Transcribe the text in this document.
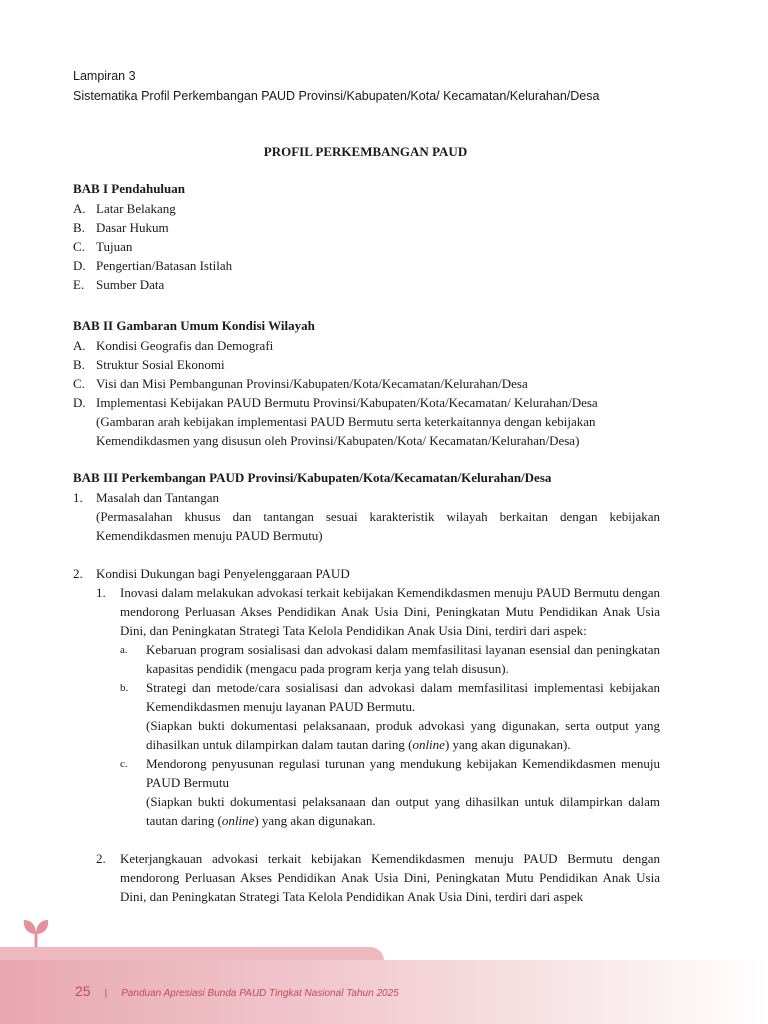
Lampiran 3
Sistematika Profil Perkembangan PAUD Provinsi/Kabupaten/Kota/ Kecamatan/Kelurahan/Desa
PROFIL PERKEMBANGAN PAUD
BAB I Pendahuluan
A. Latar Belakang
B. Dasar Hukum
C. Tujuan
D. Pengertian/Batasan Istilah
E. Sumber Data
BAB II Gambaran Umum Kondisi Wilayah
A. Kondisi Geografis dan Demografi
B. Struktur Sosial Ekonomi
C. Visi dan Misi Pembangunan Provinsi/Kabupaten/Kota/Kecamatan/Kelurahan/Desa
D. Implementasi Kebijakan PAUD Bermutu Provinsi/Kabupaten/Kota/Kecamatan/ Kelurahan/Desa
(Gambaran arah kebijakan implementasi PAUD Bermutu serta keterkaitannya dengan kebijakan Kemendikdasmen yang disusun oleh Provinsi/Kabupaten/Kota/ Kecamatan/Kelurahan/Desa)
BAB III Perkembangan PAUD Provinsi/Kabupaten/Kota/Kecamatan/Kelurahan/Desa
1.	Masalah dan Tantangan
(Permasalahan khusus dan tantangan sesuai karakteristik wilayah berkaitan dengan kebijakan Kemendikdasmen menuju PAUD Bermutu)
2.	Kondisi Dukungan bagi Penyelenggaraan PAUD
1.	Inovasi dalam melakukan advokasi terkait kebijakan Kemendikdasmen menuju PAUD Bermutu dengan mendorong Perluasan Akses Pendidikan Anak Usia Dini, Peningkatan Mutu Pendidikan Anak Usia Dini, dan Peningkatan Strategi Tata Kelola Pendidikan Anak Usia Dini, terdiri dari aspek:
a.	Kebaruan program sosialisasi dan advokasi dalam memfasilitasi layanan esensial dan peningkatan kapasitas pendidik (mengacu pada program kerja yang telah disusun).
b.	Strategi dan metode/cara sosialisasi dan advokasi dalam memfasilitasi implementasi kebijakan Kemendikdasmen menuju layanan PAUD Bermutu.
(Siapkan bukti dokumentasi pelaksanaan, produk advokasi yang digunakan, serta output yang dihasilkan untuk dilampirkan dalam tautan daring (online) yang akan digunakan).
c.	Mendorong penyusunan regulasi turunan yang mendukung kebijakan Kemendikdasmen menuju PAUD Bermutu
(Siapkan bukti dokumentasi pelaksanaan dan output yang dihasilkan untuk dilampirkan dalam tautan daring (online) yang akan digunakan.
2.	Keterjangkauan advokasi terkait kebijakan Kemendikdasmen menuju PAUD Bermutu dengan mendorong Perluasan Akses Pendidikan Anak Usia Dini, Peningkatan Mutu Pendidikan Anak Usia Dini, dan Peningkatan Strategi Tata Kelola Pendidikan Anak Usia Dini, terdiri dari aspek
25 | Panduan Apresiasi Bunda PAUD Tingkat Nasional Tahun 2025
